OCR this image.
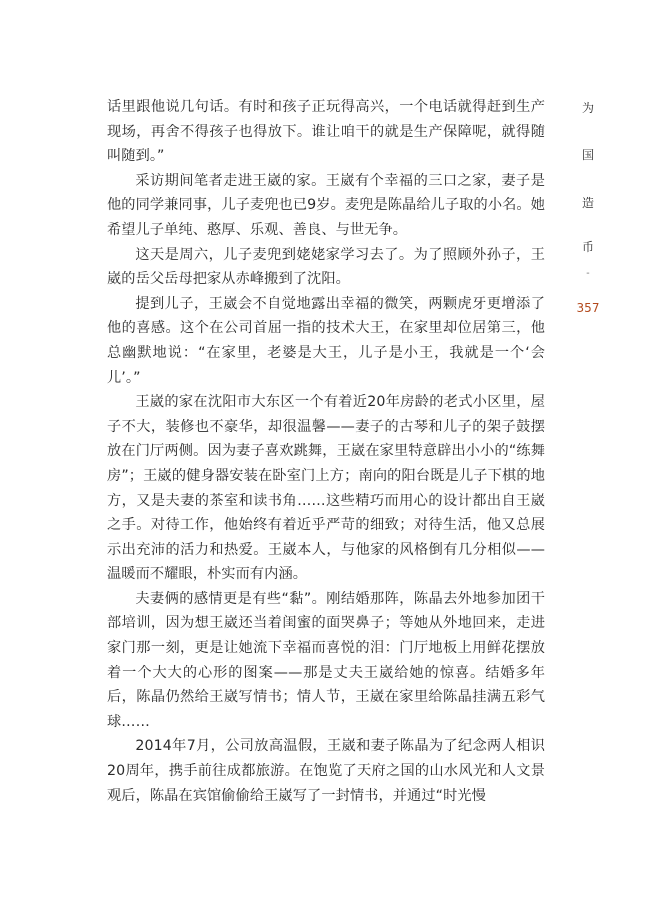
话里跟他说几句话。有时和孩子正玩得高兴，一个电话就得赶到生产现场，再舍不得孩子也得放下。谁让咱干的就是生产保障呢，就得随叫随到。”

采访期间笔者走进王崴的家。王崴有个幸福的三口之家，妻子是他的同学兼同事，儿子麦兜也已9岁。麦兜是陈晶给儿子取的小名。她希望儿子单纯、憨厚、乐观、善良、与世无争。

这天是周六，儿子麦兜到姥姥家学习去了。为了照顾外孙子，王崴的岳父岳母把家从赤峰搬到了沈阳。

提到儿子，王崴会不自觉地露出幸福的微笑，两颗虎牙更增添了他的喜感。这个在公司首屈一指的技术大王，在家里却位居第三，他总幽默地说：“在家里，老婆是大王，儿子是小王，我就是一个‘会儿’。”

王崴的家在沈阳市大东区一个有着近20年房龄的老式小区里，屋子不大，装修也不豪华，却很温馨——妻子的古琴和儿子的架子鼓摆放在门厅两侧。因为妻子喜欢跳舞，王崴在家里特意辟出小小的“练舞房”；王崴的健身器安装在卧室门上方；南向的阳台既是儿子下棋的地方，又是夫妻的茶室和读书角……这些精巧而用心的设计都出自王崴之手。对待工作，他始终有着近乎严苛的细致；对待生活，他又总展示出充沛的活力和热爱。王崴本人，与他家的风格倒有几分相似——温暖而不耀眼，朴实而有内涵。

夫妻俩的感情更是有些“黏”。刚结婚那阵，陈晶去外地参加团干部培训，因为想王崴还当着闺蜜的面哭鼻子；等她从外地回来，走进家门那一刻，更是让她流下幸福而喜悦的泪：门厅地板上用鲜花摆放着一个大大的心形的图案——那是丈夫王崴给她的惊喜。结婚多年后，陈晶仍然给王崴写情书；情人节，王崴在家里给陈晶挂满五彩气球……

2014年7月，公司放高温假，王崴和妻子陈晶为了纪念两人相识20周年，携手前往成都旅游。在饱览了天府之国的山水风光和人文景观后，陈晶在宾馆偷偷给王崴写了一封情书，并通过“时光慢

为
国
造
币
-
357
